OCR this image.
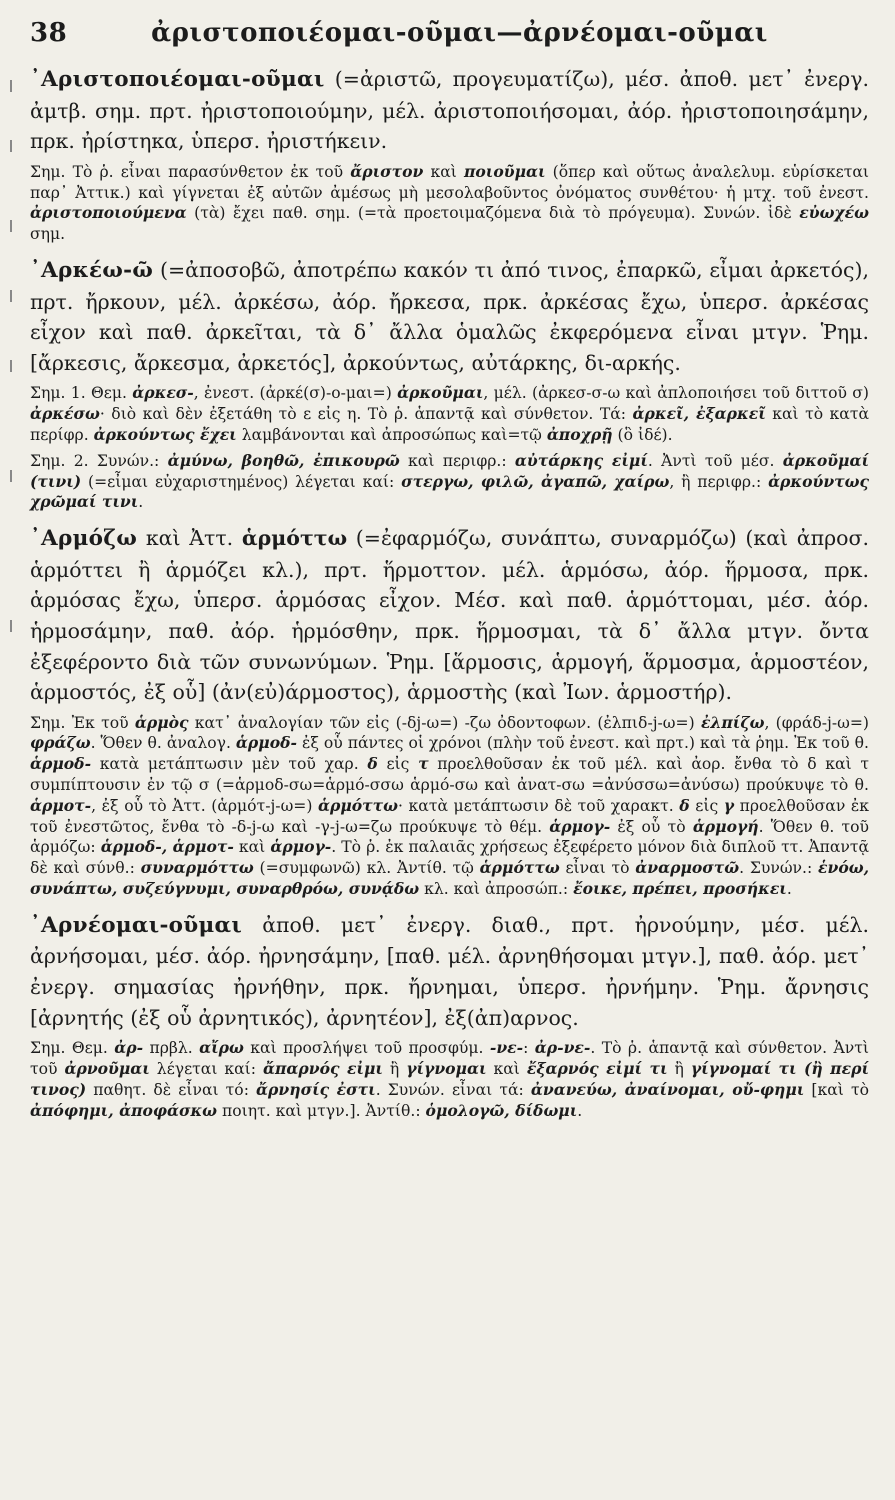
38	ἀριστοποιέομαι-οῦμαι—ἀρνέομαι-οῦμαι

᾿Αριστοποιέομαι-οῦμαι (=ἀριστῶ, προγευματίζω), μέσ. ἀποθ. μετ᾿ ἐνεργ. ἀμτβ. σημ. πρτ. ἠριστοποιούμην, μέλ. ἀριστοποιήσομαι, ἀόρ. ἠριστοποιησάμην, πρκ. ἠρίστηκα, ὑπερσ. ἠριστήκειν.

Σημ. Τὸ ῥ. εἶναι παρασύνθετον ἐκ τοῦ ἄριστον καὶ ποιοῦμαι (ὅπερ καὶ οὕτως ἀναλελυμ. εὑρίσκεται παρ᾿ Ἀττικ.) καὶ γίγνεται ἐξ αὐτῶν ἀμέσως μὴ μεσολαβοῦντος ὀνόματος συνθέτου· ἡ μτχ. τοῦ ἐνεστ. ἀριστοποιούμενα (τὰ) ἔχει παθ. σημ. (=τὰ προετοιμαζόμενα διὰ τὸ πρόγευμα). Συνών. ἰδὲ εὐωχέω σημ.

᾿Αρκέω-ῶ (=ἀποσοβῶ, ἀποτρέπω κακόν τι ἀπό τινος, ἐπαρκῶ, εἶμαι ἀρκετός), πρτ. ἤρκουν, μέλ. ἀρκέσω, ἀόρ. ἤρκεσα, πρκ. ἀρκέσας ἔχω, ὑπερσ. ἀρκέσας εἶχον καὶ παθ. ἀρκεῖται, τὰ δ᾿ ἄλλα ὁμαλῶς ἐκφερόμενα εἶναι μτγν. Ῥημ. [ἄρκεσις, ἄρκεσμα, ἀρκετός], ἀρκούντως, αὐτάρκης, δι-αρκής.

Σημ. 1. Θεμ. ἀρκεσ-, ἐνεστ. (ἀρκέ(σ)-ο-μαι=) ἀρκοῦμαι, μέλ. (ἀρκεσ-σ-ω καὶ ἀπλοποιήσει τοῦ διττοῦ σ) ἀρκέσω· διὸ καὶ δὲν ἐξετάθη τὸ ε εἰς η. Τὸ ῥ. ἁπαντᾷ καὶ σύνθετον. Τά: ἀρκεῖ, ἐξαρκεῖ καὶ τὸ κατὰ περίφρ. ἀρκούντως ἔχει λαμβάνονται καὶ ἀπροσώπως καὶ=τῷ ἀποχρῇ (ὃ ἰδέ).

Σημ. 2. Συνών.: ἀμύνω, βοηθῶ, ἐπικουρῶ καὶ περιφρ.: αὐτάρκης εἰμί. Ἀντὶ τοῦ μέσ. ἀρκοῦμαί (τινι) (=εἶμαι εὐχαριστημένος) λέγεται καί: στεργω, φιλῶ, ἀγαπῶ, χαίρω, ἢ περιφρ.: ἀρκούντως χρῶμαί τινι.

᾿Αρμόζω καὶ Ἀττ. ἁρμόττω (=ἐφαρμόζω, συνάπτω, συναρμόζω) (καὶ ἀπροσ. ἁρμόττει ἢ ἁρμόζει κλ.), πρτ. ἥρμοττον. μέλ. ἁρμόσω, ἀόρ. ἥρμοσα, πρκ. ἁρμόσας ἔχω, ὑπερσ. ἁρμόσας εἶχον. Μέσ. καὶ παθ. ἁρμόττομαι, μέσ. ἀόρ. ἡρμοσάμην, παθ. ἀόρ. ἡρμόσθην, πρκ. ἥρμοσμαι, τὰ δ᾿ ἄλλα μτγν. ὄντα ἐξεφέροντο διὰ τῶν συνωνύμων. Ῥημ. [ἅρμοσις, ἁρμογή, ἅρμοσμα, ἁρμοστέον, ἁρμοστός, ἐξ οὗ] (ἀν(εὐ)άρμοστος), ἁρμοστὴς (καὶ Ἰων. ἁρμοστήρ).

Σημ. Ἐκ τοῦ ἁρμὸς κατ᾿ ἀναλογίαν τῶν εἰς (-δj-ω=) -ζω ὀδοντοφων. (ἐλπιδ-j-ω=) ἐλπίζω, (φράδ-j-ω=) φράζω. Ὅθεν θ. ἀναλογ. ἁρμοδ- ἐξ οὗ πάντες οἱ χρόνοι (πλὴν τοῦ ἐνεστ. καὶ πρτ.) καὶ τὰ ῥημ. Ἐκ τοῦ θ. ἁρμοδ- κατὰ μετάπτωσιν μὲν τοῦ χαρ. δ εἰς τ προελθοῦσαν ἐκ τοῦ μέλ. καὶ ἀορ. ἔνθα τὸ δ καὶ τ συμπίπτουσιν ἐν τῷ σ (=ἁρμοδ-σω=ἁρμό-σσω ἁρμό-σω καὶ ἀνατ-σω =ἀνύσσω=ἀνύσω) προύκυψε τὸ θ. ἁρμοτ-, ἐξ οὗ τὸ Ἀττ. (ἁρμότ-j-ω=) ἁρμόττω· κατὰ μετάπτωσιν δὲ τοῦ χαρακτ. δ εἰς γ προελθοῦσαν ἐκ τοῦ ἐνεστῶτος, ἔνθα τὸ -δ-j-ω καὶ -γ-j-ω=ζω προύκυψε τὸ θέμ. ἁρμογ- ἐξ οὗ τὸ ἁρμογή. Ὅθεν θ. τοῦ ἁρμόζω: ἁρμοδ-, ἁρμοτ- καὶ ἁρμογ-. Τὸ ῥ. ἐκ παλαιᾶς χρήσεως ἐξεφέρετο μόνον διὰ διπλοῦ ττ. Ἀπαντᾷ δὲ καὶ σύνθ.: συναρμόττω (=συμφωνῶ) κλ. Ἀντίθ. τῷ ἁρμόττω εἶναι τὸ ἀναρμοστῶ. Συνών.: ἑνόω, συνάπτω, συζεύγνυμι, συναρθρόω, συνᾴδω κλ. καὶ ἀπροσώπ.: ἔοικε, πρέπει, προσήκει.

᾿Αρνέομαι-οῦμαι ἀποθ. μετ᾿ ἐνεργ. διαθ., πρτ. ἠρνούμην, μέσ. μέλ. ἀρνήσομαι, μέσ. ἀόρ. ἠρνησάμην, [παθ. μέλ. ἀρνηθήσομαι μτγν.], παθ. ἀόρ. μετ᾿ ἐνεργ. σημασίας ἠρνήθην, πρκ. ἤρνημαι, ὑπερσ. ἠρνήμην. Ῥημ. ἄρνησις [ἀρνητής (ἐξ οὗ ἀρνητικός), ἀρνητέον], ἐξ(ἀπ)αρνος.

Σημ. Θεμ. ἀρ- πρβλ. αἴρω καὶ προσλήψει τοῦ προσφύμ. -νε-: ἀρ-νε-. Τὸ ῥ. ἁπαντᾷ καὶ σύνθετον. Ἀντὶ τοῦ ἀρνοῦμαι λέγεται καί: ἄπαρνός εἰμι ἢ γίγνομαι καὶ ἔξαρνός εἰμί τι ἢ γίγνομαί τι (ἢ περί τινος) παθητ. δὲ εἶναι τό: ἄρνησίς ἐστι. Συνών. εἶναι τά: ἀνανεύω, ἀναίνομαι, οὔ-φημι [καὶ τὸ ἀπόφημι, ἀποφάσκω ποιητ. καὶ μτγν.]. Ἀντίθ.: ὁμολογῶ, δίδωμι.
